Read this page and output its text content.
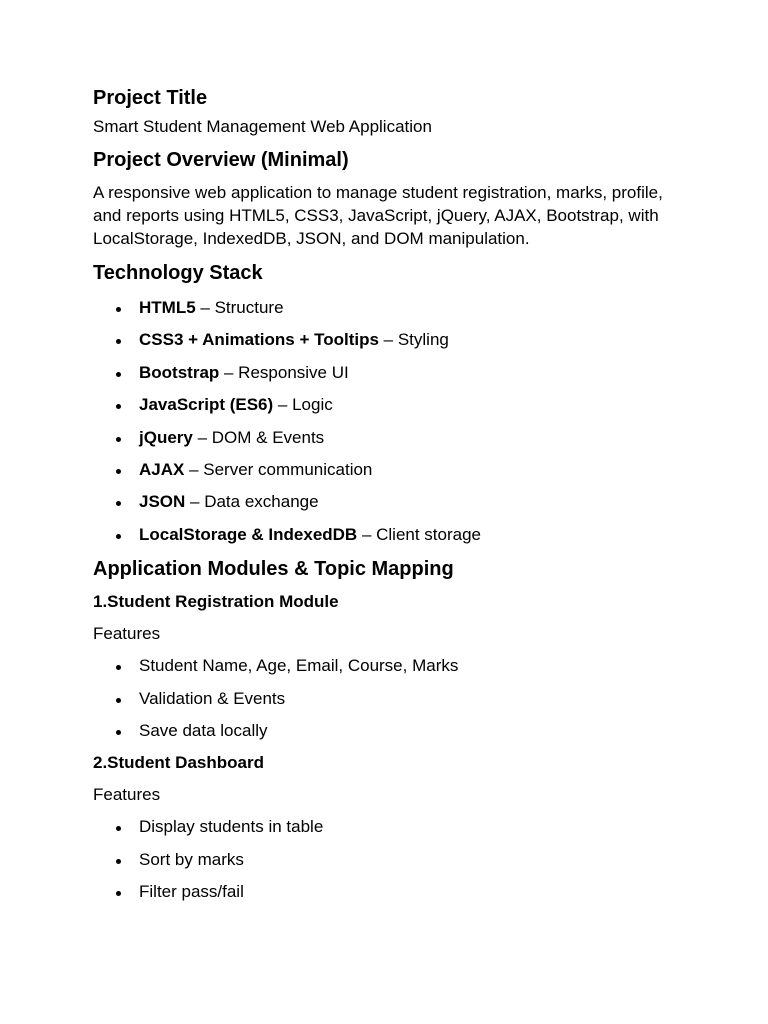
Project Title

Smart Student Management Web Application

Project Overview (Minimal)

A responsive web application to manage student registration, marks, profile, and reports using HTML5, CSS3, JavaScript, jQuery, AJAX, Bootstrap, with LocalStorage, IndexedDB, JSON, and DOM manipulation.

Technology Stack
HTML5 – Structure
CSS3 + Animations + Tooltips – Styling
Bootstrap – Responsive UI
JavaScript (ES6) – Logic
jQuery – DOM & Events
AJAX – Server communication
JSON – Data exchange
LocalStorage & IndexedDB – Client storage
Application Modules & Topic Mapping
1.Student Registration Module

Features

Student Name, Age, Email, Course, Marks
Validation & Events
Save data locally
2.Student Dashboard

Features

Display students in table
Sort by marks
Filter pass/fail
